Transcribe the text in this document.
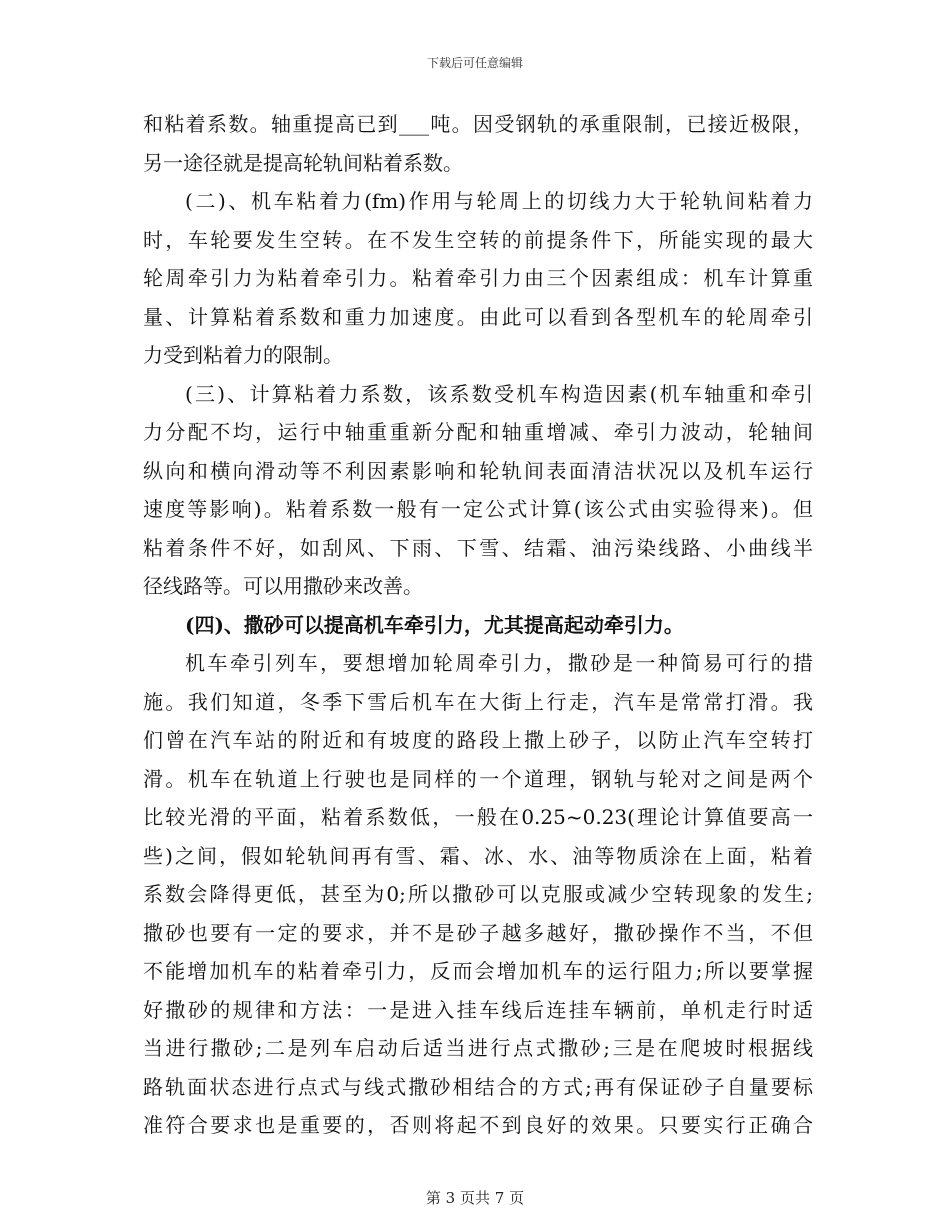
下载后可任意编辑
和粘着系数。轴重提高已到___吨。因受钢轨的承重限制，已接近极限，
另一途径就是提高轮轨间粘着系数。
(二)、机车粘着力(fm)作用与轮周上的切线力大于轮轨间粘着力
时，车轮要发生空转。在不发生空转的前提条件下，所能实现的最大
轮周牵引力为粘着牵引力。粘着牵引力由三个因素组成：机车计算重
量、计算粘着系数和重力加速度。由此可以看到各型机车的轮周牵引
力受到粘着力的限制。
(三)、计算粘着力系数，该系数受机车构造因素(机车轴重和牵引
力分配不均，运行中轴重重新分配和轴重增减、牵引力波动，轮轴间
纵向和横向滑动等不利因素影响和轮轨间表面清洁状况以及机车运行
速度等影响)。粘着系数一般有一定公式计算(该公式由实验得来)。但
粘着条件不好，如刮风、下雨、下雪、结霜、油污染线路、小曲线半
径线路等。可以用撒砂来改善。
(四)、撒砂可以提高机车牵引力，尤其提高起动牵引力。
机车牵引列车，要想增加轮周牵引力，撒砂是一种简易可行的措
施。我们知道，冬季下雪后机车在大街上行走，汽车是常常打滑。我
们曾在汽车站的附近和有坡度的路段上撒上砂子，以防止汽车空转打
滑。机车在轨道上行驶也是同样的一个道理，钢轨与轮对之间是两个
比较光滑的平面，粘着系数低，一般在0.25~0.23(理论计算值要高一
些)之间，假如轮轨间再有雪、霜、冰、水、油等物质涂在上面，粘着
系数会降得更低，甚至为0;所以撒砂可以克服或减少空转现象的发生;
撒砂也要有一定的要求，并不是砂子越多越好，撒砂操作不当，不但
不能增加机车的粘着牵引力，反而会增加机车的运行阻力;所以要掌握
好撒砂的规律和方法：一是进入挂车线后连挂车辆前，单机走行时适
当进行撒砂;二是列车启动后适当进行点式撒砂;三是在爬坡时根据线
路轨面状态进行点式与线式撒砂相结合的方式;再有保证砂子自量要标
准符合要求也是重要的，否则将起不到良好的效果。只要实行正确合
第 3 页共 7 页
